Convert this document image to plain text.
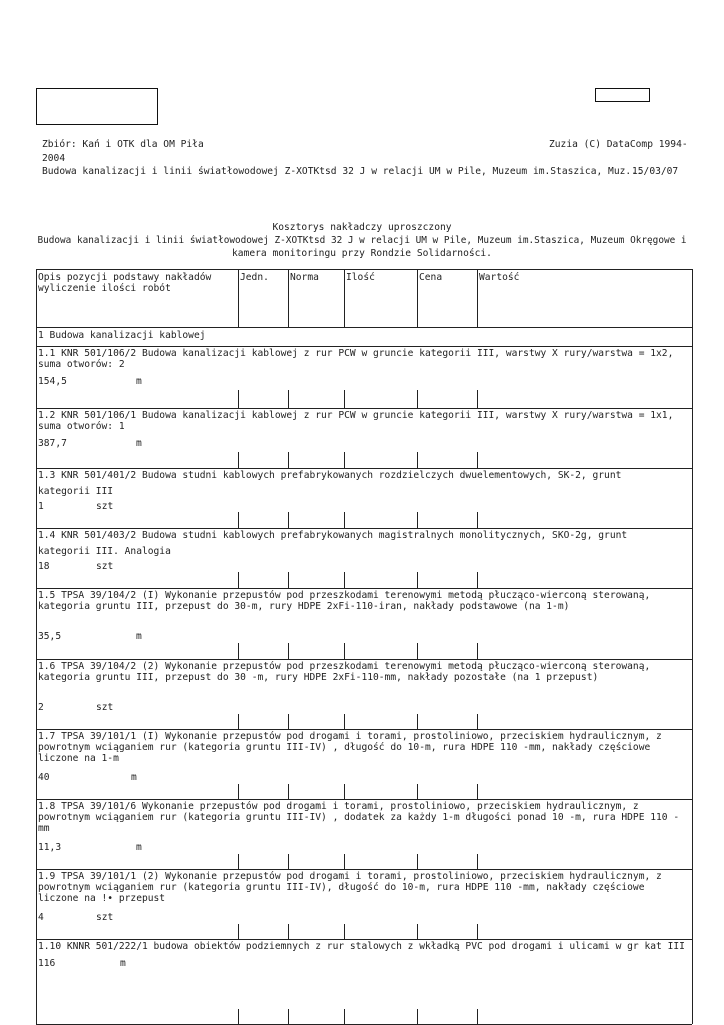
Zbiór: Kań i OTK dla OM Piła	Zuzia (C) DataComp 1994-
2004
Budowa kanalizacji i linii światłowodowej Z-XOTKtsd 32 J w relacji UM w Pile, Muzeum im.Staszica, Muz...
15/03/07
Kosztorys nakładczy uproszczony
Budowa kanalizacji i linii światłowodowej Z-XOTKtsd 32 J w relacji UM w Pile, Muzeum im.Staszica, Muzeum Okręgowe i
kamera monitoringu przy Rondzie Solidarności.
Opis pozycji podstawy nakładów
wyliczenie ilości robót
Jedn.	Norma	Ilość	Cena	Wartość
1 Budowa kanalizacji kablowej
1.1 KNR 501/106/2 Budowa kanalizacji kablowej z rur PCW w gruncie kategorii III, warstwy X rury/warstwa = 1x2, suma otworów: 2
154,5	m
1.2 KNR 501/106/1 Budowa kanalizacji kablowej z rur PCW w gruncie kategorii III, warstwy X rury/warstwa = 1x1, suma otworów: 1
387,7	m
1.3 KNR 501/401/2 Budowa studni kablowych prefabrykowanych rozdzielczych dwuelementowych, SK-2, grunt
kategorii III
1	szt
1.4 KNR 501/403/2 Budowa studni kablowych prefabrykowanych magistralnych monolitycznych, SKO-2g, grunt
kategorii III. Analogia
18	szt
1.5 TPSA 39/104/2 (I) Wykonanie przepustów pod przeszkodami terenowymi metodą płucząco-wierconą sterowaną, kategoria gruntu III, przepust do 30-m, rury HDPE 2xFi-110-iran, nakłady podstawowe (na 1-m)
35,5	m
1.6 TPSA 39/104/2 (2) Wykonanie przepustów pod przeszkodami terenowymi metodą płucząco-wierconą sterowaną, kategoria gruntu III, przepust do 30 -m, rury HDPE 2xFi-110-mm, nakłady pozostałe (na 1 przepust)
2	szt
1.7 TPSA 39/101/1 (I) Wykonanie przepustów pod drogami i torami, prostoliniowo, przeciskiem hydraulicznym, z powrotnym wciąganiem rur (kategoria gruntu III-IV) , długość do 10-m, rura HDPE 110 -mm, nakłady częściowe liczone na 1-m
40	m
1.8 TPSA 39/101/6 Wykonanie przepustów pod drogami i torami, prostoliniowo, przeciskiem hydraulicznym, z powrotnym wciąganiem rur (kategoria gruntu III-IV) , dodatek za każdy 1-m długości ponad 10 -m, rura HDPE 110 -mm
11,3	m
1.9 TPSA 39/101/1 (2) Wykonanie przepustów pod drogami i torami, prostoliniowo, przeciskiem hydraulicznym, z powrotnym wciąganiem rur (kategoria gruntu III-IV), długość do 10-m, rura HDPE 110 -mm, nakłady częściowe liczone na !• przepust
4	szt
1.10 KNNR 501/222/1 budowa obiektów podziemnych z rur stalowych z wkładką PVC pod drogami i ulicami w gr kat III
116	m
